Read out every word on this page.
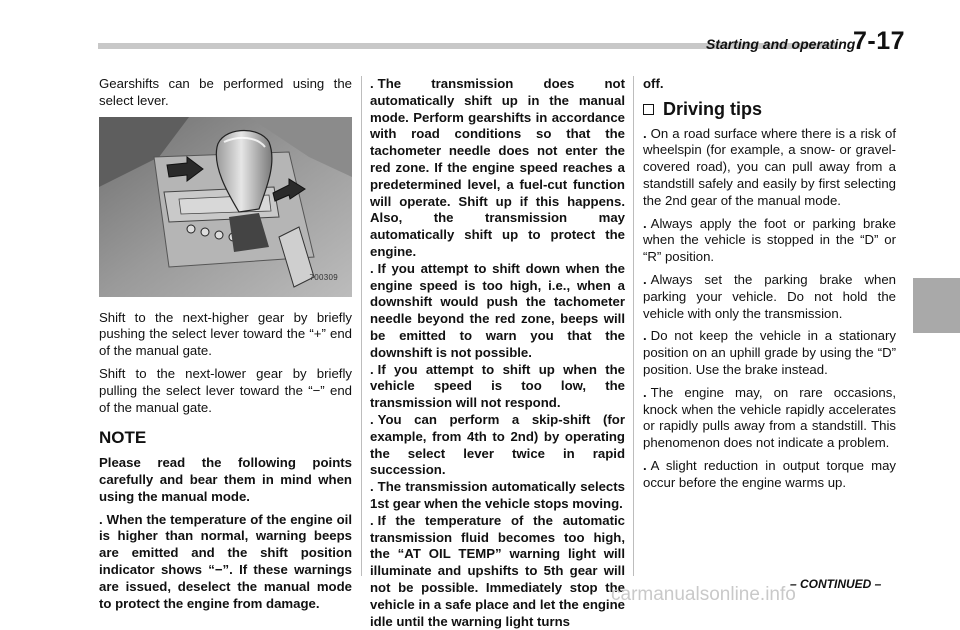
Starting and operating
7-17

Gearshifts can be performed using the select lever.

700309

Shift to the next-higher gear by briefly pushing the select lever toward the “+” end of the manual gate.

Shift to the next-lower gear by briefly pulling the select lever toward the “−” end of the manual gate.

NOTE

Please read the following points carefully and bear them in mind when using the manual mode.

. When the temperature of the engine oil is higher than normal, warning beeps are emitted and the shift position indicator shows “−”. If these warnings are issued, deselect the manual mode to protect the engine from damage.

. The transmission does not automatically shift up in the manual mode. Perform gearshifts in accordance with road conditions so that the tachometer needle does not enter the red zone. If the engine speed reaches a predetermined level, a fuel-cut function will operate. Shift up if this happens. Also, the transmission may automatically shift up to protect the engine.

. If you attempt to shift down when the engine speed is too high, i.e., when a downshift would push the tachometer needle beyond the red zone, beeps will be emitted to warn you that the downshift is not possible.

. If you attempt to shift up when the vehicle speed is too low, the transmission will not respond.

. You can perform a skip-shift (for example, from 4th to 2nd) by operating the select lever twice in rapid succession.

. The transmission automatically selects 1st gear when the vehicle stops moving.

. If the temperature of the automatic transmission fluid becomes too high, the “AT OIL TEMP” warning light will illuminate and upshifts to 5th gear will not be possible. Immediately stop the vehicle in a safe place and let the engine idle until the warning light turns

off.

Driving tips

. On a road surface where there is a risk of wheelspin (for example, a snow- or gravel-covered road), you can pull away from a standstill safely and easily by first selecting the 2nd gear of the manual mode.

. Always apply the foot or parking brake when the vehicle is stopped in the “D” or “R” position.

. Always set the parking brake when parking your vehicle. Do not hold the vehicle with only the transmission.

. Do not keep the vehicle in a stationary position on an uphill grade by using the “D” position. Use the brake instead.

. The engine may, on rare occasions, knock when the vehicle rapidly accelerates or rapidly pulls away from a standstill. This phenomenon does not indicate a problem.

. A slight reduction in output torque may occur before the engine warms up.

– CONTINUED –
carmanualsonline.info
